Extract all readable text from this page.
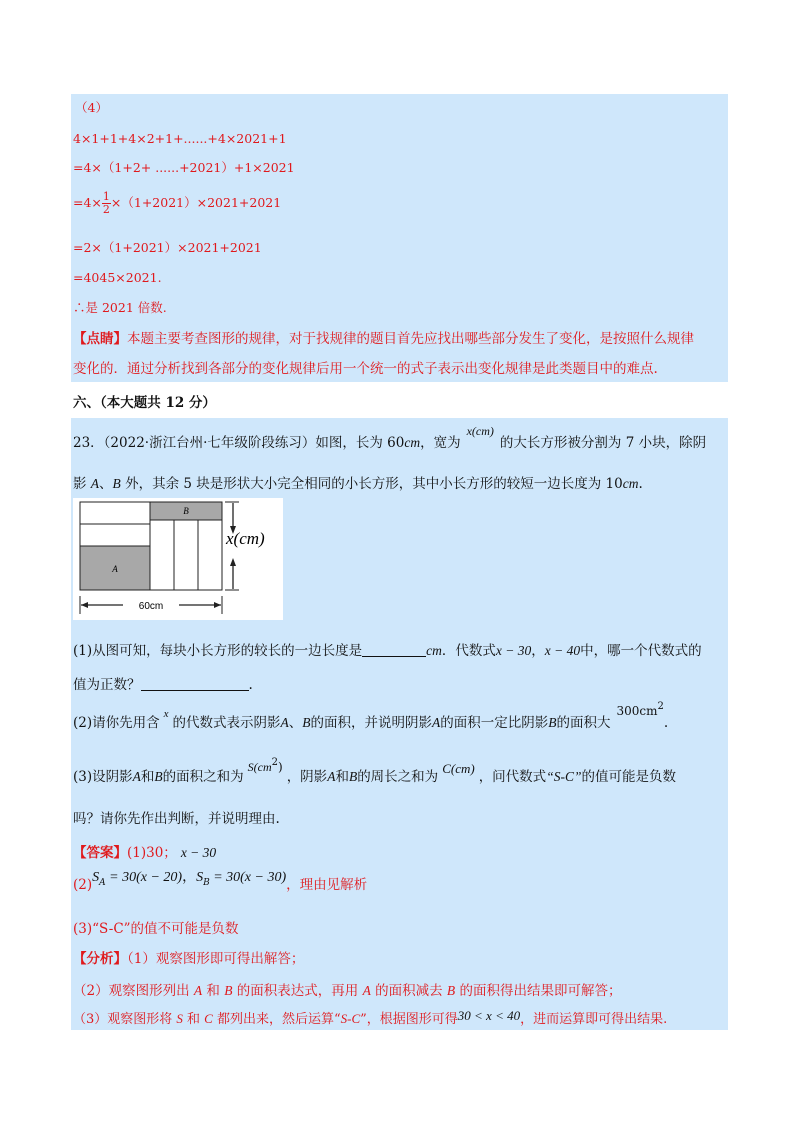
（4）
4×1+1+4×2+1+......+4×2021+1
=4×（1+2+ ......+2021）+1×2021
$=4\times \frac{1}{2} \times(1+2021)\times 2021+2021$
=2×（1+2021）×2021+2021
=4045×2021.
∴是 2021 倍数.
【点睛】本题主要考查图形的规律，对于找规律的题目首先应找出哪些部分发生了变化，是按照什么规律
变化的．通过分析找到各部分的变化规律后用一个统一的式子表示出变化规律是此类题目中的难点.
六、（本大题共 12 分）
23．（2022·浙江台州·七年级阶段练习）如图，长为 60cm，宽为x(cm)的大长方形被分割为 7 小块，除阴
影 A、B 外，其余 5 块是形状大小完全相同的小长方形，其中小长方形的较短一边长度为 10cm.
A
B
60cm
x(cm)
(1)从图可知，每块小长方形的较长的一边长度是	cm．代数式x − 30，x − 40中，哪一个代数式的
值为正数？	.
(2)请你先用含$^x$的代数式表示阴影A、B的面积，并说明阴影A的面积一定比阴影B的面积大$300cm^2$.
(3)设阴影A和B的面积之和为$S(cm^2)$，阴影A和B的周长之和为C(cm)，问代数式“S-C”的值可能是负数
吗？请你先作出判断，并说明理由.
【答案】(1)30； x − 30
$(2)S_A = 30(x - 20)$，$S_B = 30(x - 30)$，理由见解析
(3)“S-C”的值不可能是负数
【分析】（1）观察图形即可得出解答；
（2）观察图形列出 A 和 B 的面积表达式，再用 A 的面积减去 B 的面积得出结果即可解答；
（3）观察图形将 S 和 C 都列出来，然后运算“S-C”，根据图形可得30 < x < 40，进而运算即可得出结果.
